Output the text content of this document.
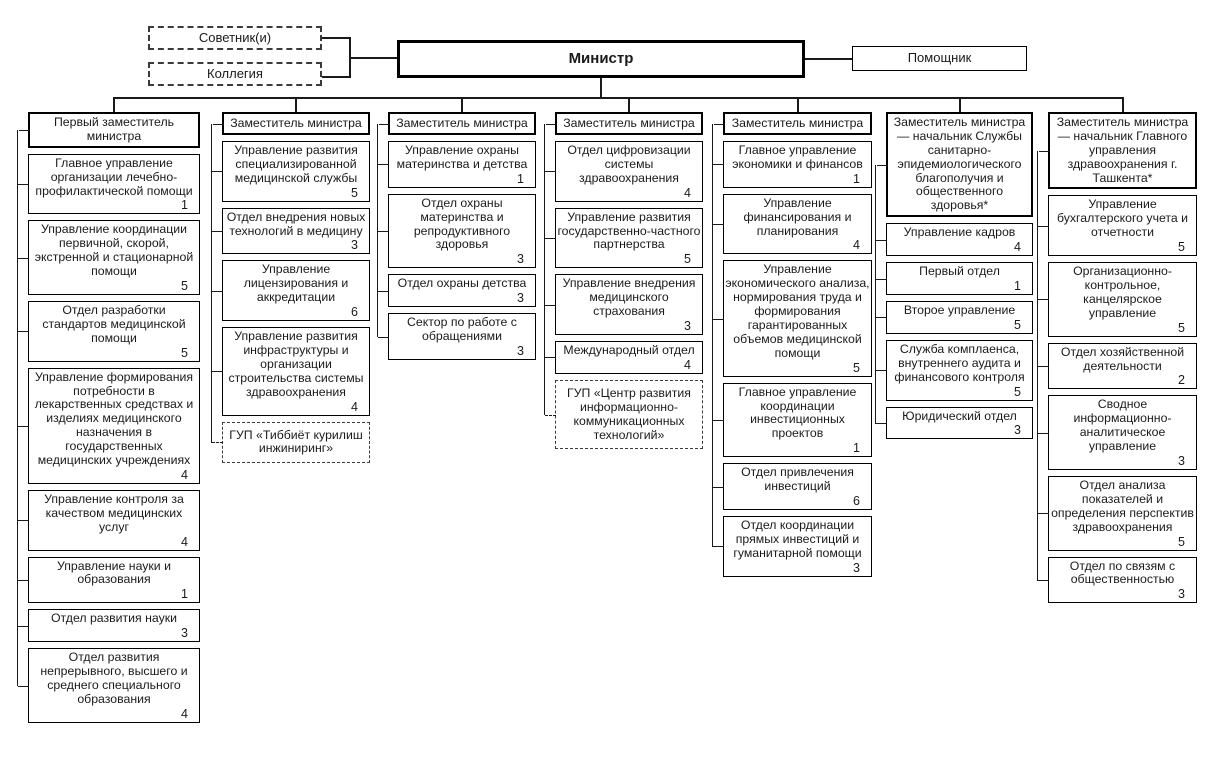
Советник(и)
Коллегия
Министр	Помощник
Первый заместитель министра
Главное управление организации лечебно-профилактической помощи
1
Управление координации первичной, скорой, экстренной и стационарной помощи
5
Отдел разработки стандартов медицинской помощи
5
Управление формирования потребности в лекарственных средствах и изделиях медицинского назначения в государственных медицинских учреждениях
4
Управление контроля за качеством медицинских услуг
4
Управление науки и образования
1
Отдел развития науки
3
Отдел развития непрерывного, высшего и среднего специального образования
4
Заместитель министра
Управление развития специализированной медицинской службы
5
Отдел внедрения новых технологий в медицину
3
Управление лицензирования и аккредитации
6
Управление развития инфраструктуры и организации строительства системы здравоохранения
4
ГУП «Тиббиёт курилиш инжиниринг»
Заместитель министра
Управление охраны материнства и детства
1
Отдел охраны материнства и репродуктивного здоровья
3
Отдел охраны детства
3
Сектор по работе с обращениями
3
Заместитель министра
Отдел цифровизации системы здравоохранения
4
Управление развития государственно-частного партнерства
5
Управление внедрения медицинского страхования
3
Международный отдел
4
ГУП «Центр развития информационно-коммуникационных технологий»
Заместитель министра
Главное управление экономики и финансов
1
Управление финансирования и планирования
4
Управление экономического анализа, нормирования труда и формирования гарантированных объемов медицинской помощи
5
Главное управление координации инвестиционных проектов
1
Отдел привлечения инвестиций
6
Отдел координации прямых инвестиций и гуманитарной помощи
3
Заместитель министра — начальник Службы санитарно-эпидемиологического благополучия и общественного здоровья*
Управление кадров
4
Первый отдел
1
Второе управление
5
Служба комплаенса, внутреннего аудита и финансового контроля
5
Юридический отдел
3
Заместитель министра — начальник Главного управления здравоохранения г. Ташкента*
Управление бухгалтерского учета и отчетности
5
Организационно-контрольное, канцелярское управление
5
Отдел хозяйственной деятельности
2
Сводное информационно-аналитическое управление
3
Отдел анализа показателей и определения перспектив здравоохранения
5
Отдел по связям с общественностью
3
